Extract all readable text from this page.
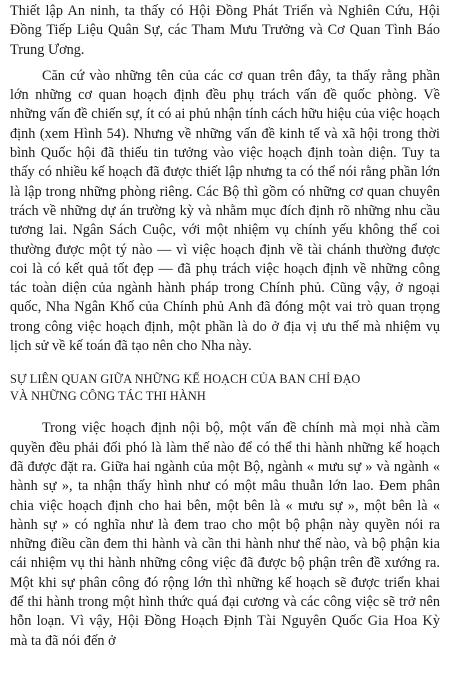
Thiết lập An ninh, ta thấy có Hội Đồng Phát Triển và Nghiên Cứu, Hội Đồng Tiếp Liệu Quân Sự, các Tham Mưu Trưởng và Cơ Quan Tình Báo Trung Ương.

Căn cứ vào những tên của các cơ quan trên đây, ta thấy rằng phần lớn những cơ quan hoạch định đều phụ trách vấn đề quốc phòng. Về những vấn đề chiến sự, ít có ai phủ nhận tính cách hữu hiệu của việc hoạch định (xem Hình 54). Nhưng về những vấn đề kinh tế và xã hội trong thời bình Quốc hội đã thiếu tin tưởng vào việc hoạch định toàn diện. Tuy ta thấy có nhiều kế hoạch đã được thiết lập nhưng ta có thể nói rằng phần lớn là lập trong những phòng riêng. Các Bộ thì gồm có những cơ quan chuyên trách về những dự án trường kỳ và nhằm mục đích định rõ những nhu cầu tương lai. Ngân Sách Cuộc, với một nhiệm vụ chính yếu không thể coi thường được một tý nào — vì việc hoạch định về tài chánh thường được coi là có kết quả tốt đẹp — đã phụ trách việc hoạch định về những công tác toàn diện của ngành hành pháp trong Chính phủ. Cũng vậy, ở ngoại quốc, Nha Ngân Khố của Chính phủ Anh đã đóng một vai trò quan trọng trong công việc hoạch định, một phần là do ở địa vị ưu thế mà nhiệm vụ lịch sử về kế toán đã tạo nên cho Nha này.

SỰ LIÊN QUAN GIỮA NHỮNG KẾ HOẠCH CỦA BAN CHỈ ĐẠO
VÀ NHỮNG CÔNG TÁC THI HÀNH

Trong việc hoạch định nội bộ, một vấn đề chính mà mọi nhà cầm quyền đều phải đối phó là làm thế nào để có thể thi hành những kế hoạch đã được đặt ra. Giữa hai ngành của một Bộ, ngành « mưu sự » và ngành « hành sự », ta nhận thấy hình như có một mâu thuẫn lớn lao. Đem phân chia việc hoạch định cho hai bên, một bên là « mưu sự », một bên là « hành sự » có nghĩa như là đem trao cho một bộ phận này quyền nói ra những điều cần đem thi hành và cần thi hành như thế nào, và bộ phận kia cái nhiệm vụ thi hành những công việc đã được bộ phận trên đề xướng ra. Một khi sự phân công đó rộng lớn thì những kế hoạch sẽ được triển khai để thi hành trong một hình thức quá đại cương và các công việc sẽ trở nên hỗn loạn. Vì vậy, Hội Đồng Hoạch Định Tài Nguyên Quốc Gia Hoa Kỳ mà ta đã nói đến ở
